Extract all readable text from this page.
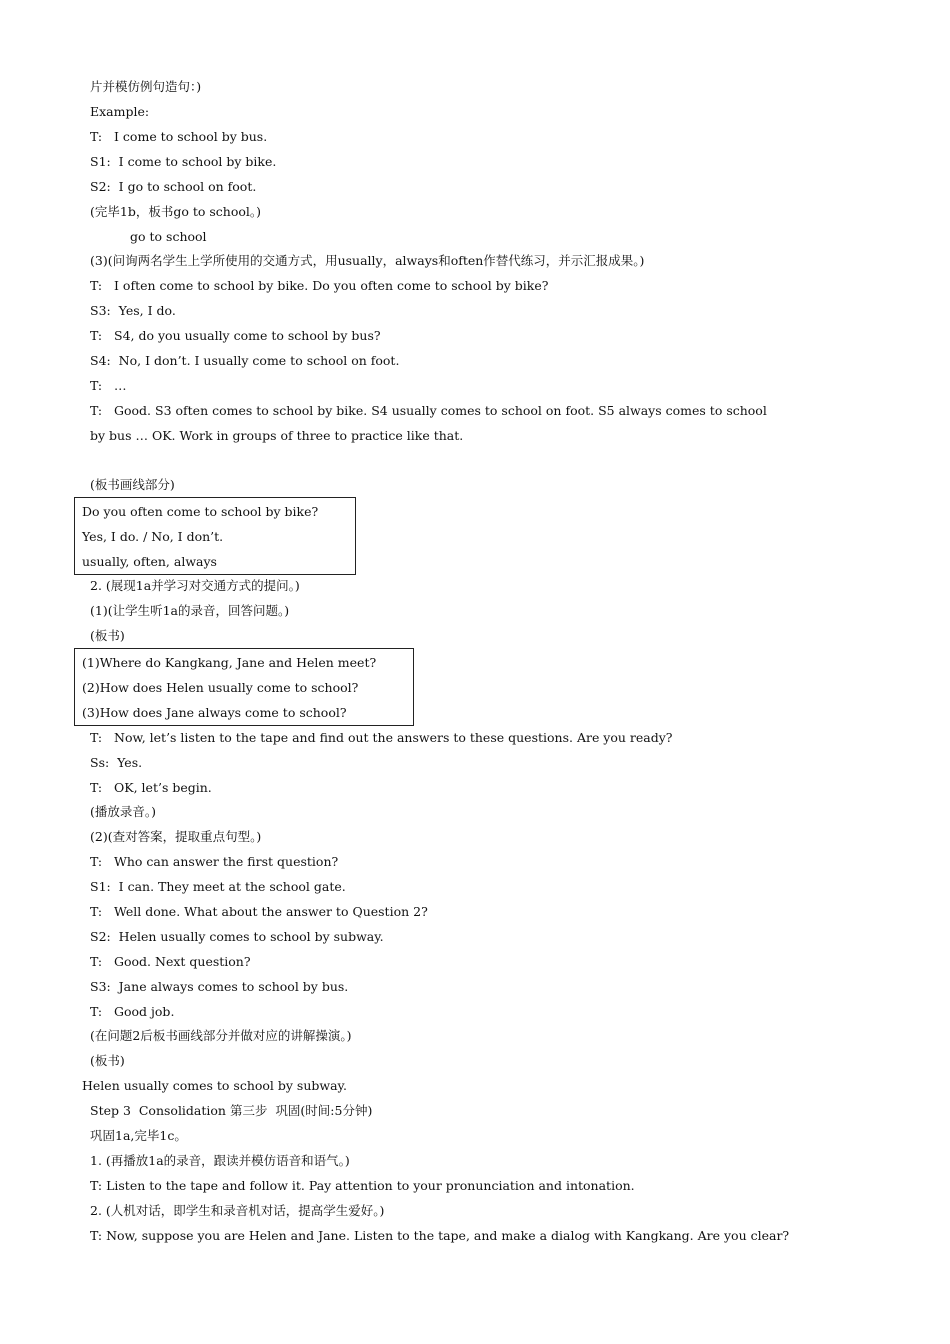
片并模仿例句造句：)
Example:
T:   I come to school by bus.
S1:  I come to school by bike.
S2:  I go to school on foot.
(完毕1b，板书go to school。)
go to school
(3)(问询两名学生上学所使用的交通方式，用usually，always和often作替代练习，并示汇报成果。)
T:   I often come to school by bike. Do you often come to school by bike?
S3:  Yes, I do.
T:   S4, do you usually come to school by bus?
S4:  No, I don’t. I usually come to school on foot.
T:   …
T:   Good. S3 often comes to school by bike. S4 usually comes to school on foot. S5 always comes to school
by bus … OK. Work in groups of three to practice like that.
(板书画线部分)
Do you often come to school by bike?
Yes, I do. / No, I don’t.
usually, often, always
2. (展现1a并学习对交通方式的提问。)
(1)(让学生听1a的录音，回答问题。)
(板书)
(1)Where do Kangkang, Jane and Helen meet?
(2)How does Helen usually come to school?
(3)How does Jane always come to school?
T:   Now, let’s listen to the tape and find out the answers to these questions. Are you ready?
Ss:  Yes.
T:   OK, let’s begin.
(播放录音。)
(2)(查对答案，提取重点句型。)
T:   Who can answer the first question?
S1:  I can. They meet at the school gate.
T:   Well done. What about the answer to Question 2?
S2:  Helen usually comes to school by subway.
T:   Good. Next question?
S3:  Jane always comes to school by bus.
T:   Good job.
(在问题2后板书画线部分并做对应的讲解操演。)
(板书)
Helen usually comes to school by subway.
Step 3  Consolidation 第三步  巩固(时间:5分钟)
巩固1a,完毕1c。
1. (再播放1a的录音，跟读并模仿语音和语气。)
T: Listen to the tape and follow it. Pay attention to your pronunciation and intonation.
2. (人机对话，即学生和录音机对话，提高学生爱好。)
T: Now, suppose you are Helen and Jane. Listen to the tape, and make a dialog with Kangkang. Are you clear?
